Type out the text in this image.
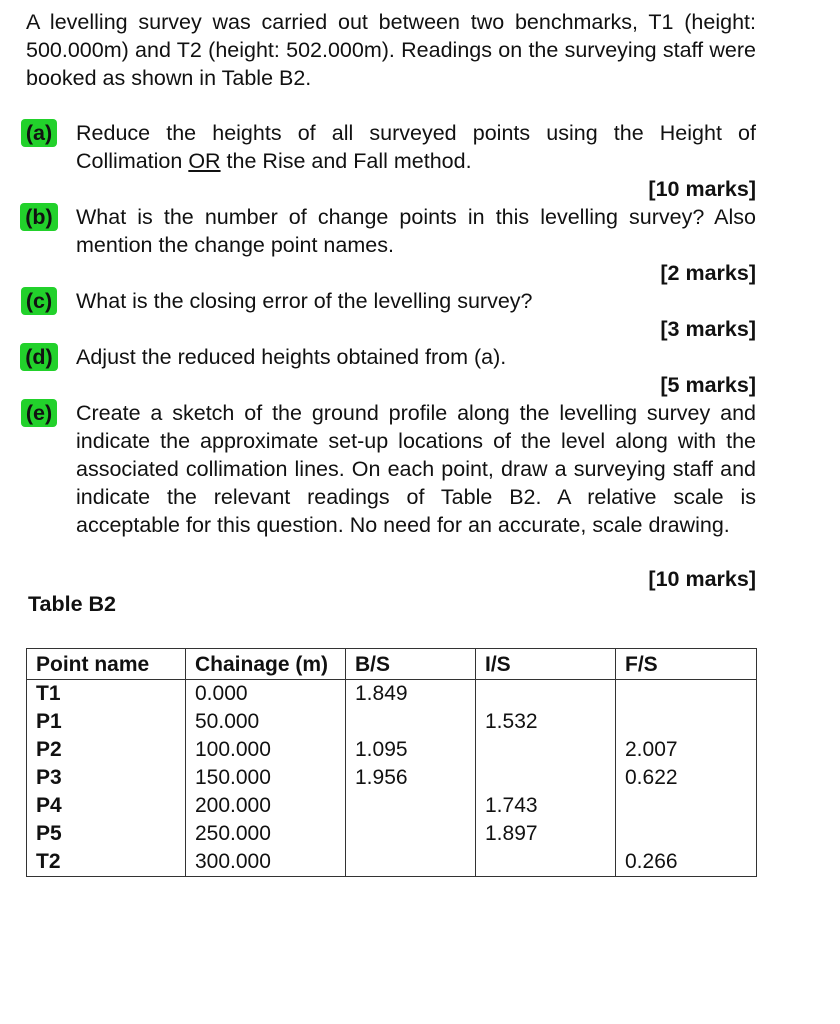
A levelling survey was carried out between two benchmarks, T1 (height: 500.000m) and T2 (height: 502.000m). Readings on the surveying staff were booked as shown in Table B2.
(a)	Reduce the heights of all surveyed points using the Height of Collimation OR the Rise and Fall method.
[10 marks]
(b)	What is the number of change points in this levelling survey? Also mention the change point names.
[2 marks]
(c)	What is the closing error of the levelling survey?
[3 marks]
(d)	Adjust the reduced heights obtained from (a).
[5 marks]
(e)	Create a sketch of the ground profile along the levelling survey and indicate the approximate set-up locations of the level along with the associated collimation lines. On each point, draw a surveying staff and indicate the relevant readings of Table B2. A relative scale is acceptable for this question. No need for an accurate, scale drawing.
[10 marks]
Table B2
Point name	Chainage (m)	B/S	I/S	F/S
T1	0.000	1.849		
P1	50.000		1.532	
P2	100.000	1.095		2.007
P3	150.000	1.956		0.622
P4	200.000		1.743	
P5	250.000		1.897	
T2	300.000			0.266
